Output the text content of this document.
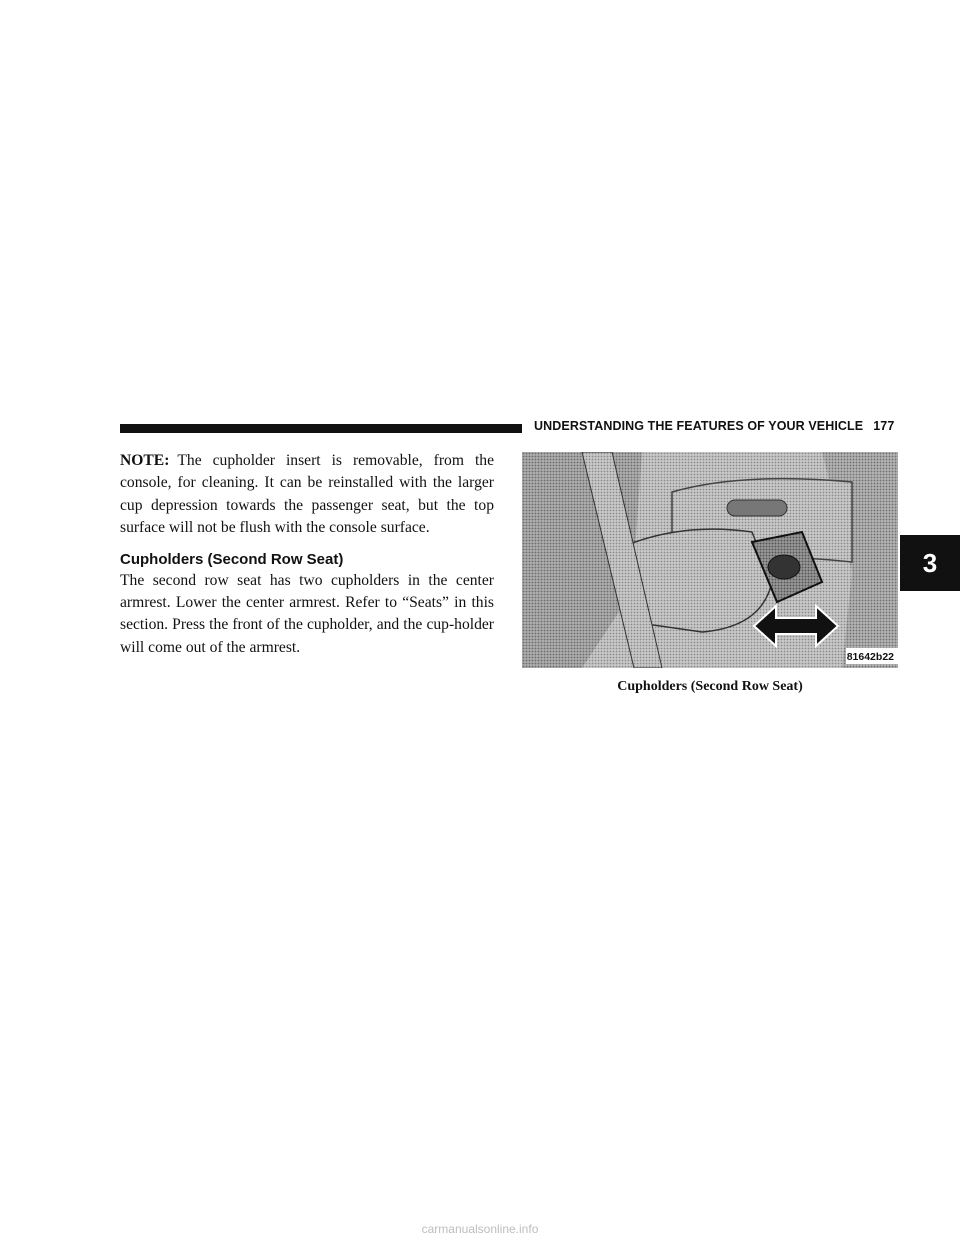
UNDERSTANDING THE FEATURES OF YOUR VEHICLE 177

NOTE: The cupholder insert is removable, from the console, for cleaning. It can be reinstalled with the larger cup depression towards the passenger seat, but the top surface will not be flush with the console surface.

Cupholders (Second Row Seat)

The second row seat has two cupholders in the center armrest. Lower the center armrest. Refer to “Seats” in this section. Press the front of the cupholder, and the cup-holder will come out of the armrest.

81642b22
Cupholders (Second Row Seat)
3
carmanualsonline.info
